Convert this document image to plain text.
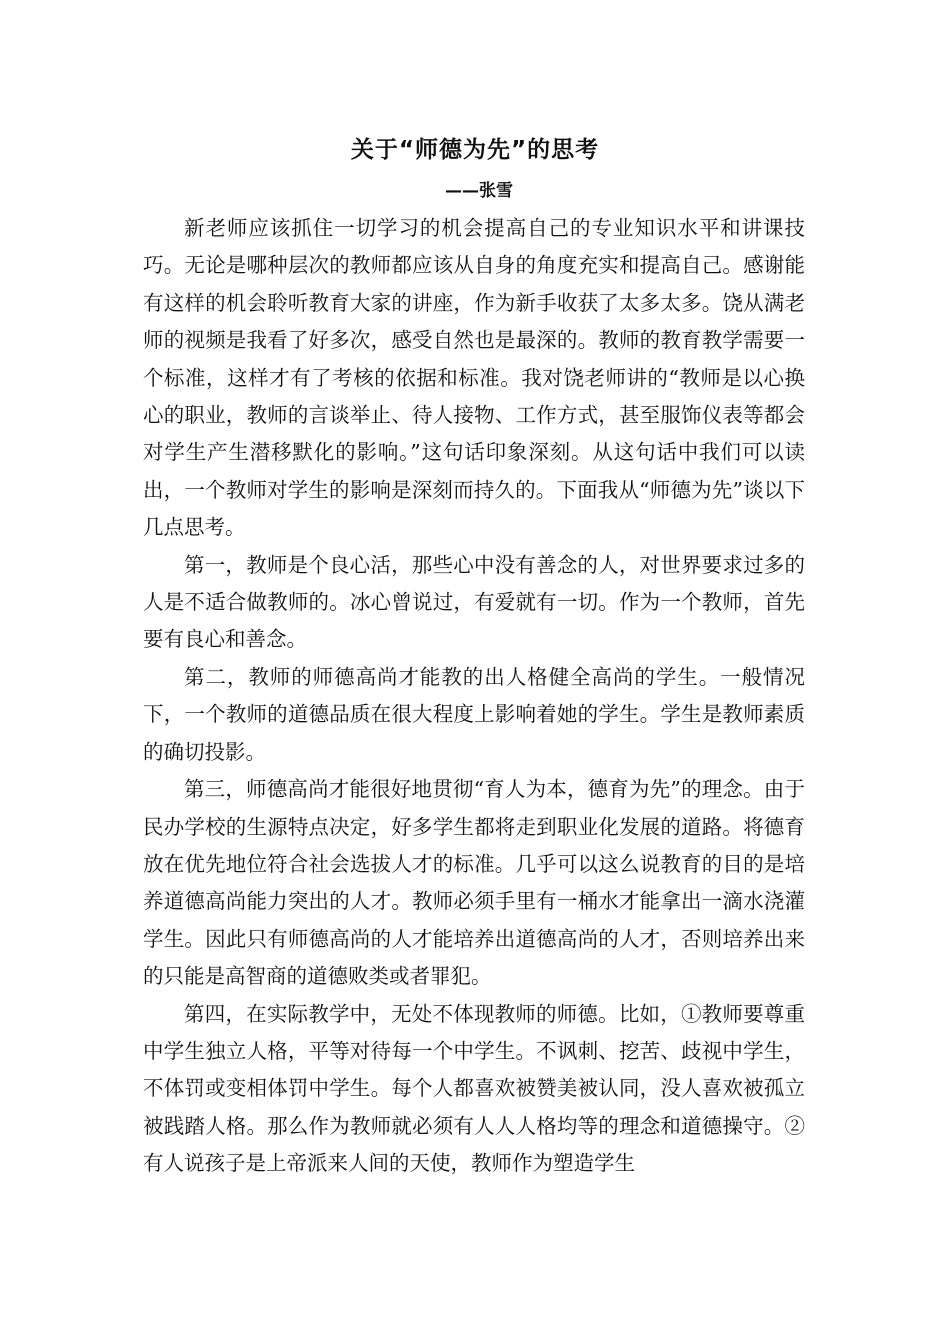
关于“师德为先”的思考
——张雪

新老师应该抓住一切学习的机会提高自己的专业知识水平和讲课技巧。无论是哪种层次的教师都应该从自身的角度充实和提高自己。感谢能有这样的机会聆听教育大家的讲座，作为新手收获了太多太多。饶从满老师的视频是我看了好多次，感受自然也是最深的。教师的教育教学需要一个标准，这样才有了考核的依据和标准。我对饶老师讲的“教师是以心换心的职业，教师的言谈举止、待人接物、工作方式，甚至服饰仪表等都会对学生产生潜移默化的影响。”这句话印象深刻。从这句话中我们可以读出，一个教师对学生的影响是深刻而持久的。下面我从“师德为先”谈以下几点思考。

第一，教师是个良心活，那些心中没有善念的人，对世界要求过多的人是不适合做教师的。冰心曾说过，有爱就有一切。作为一个教师，首先要有良心和善念。

第二，教师的师德高尚才能教的出人格健全高尚的学生。一般情况下，一个教师的道德品质在很大程度上影响着她的学生。学生是教师素质的确切投影。

第三，师德高尚才能很好地贯彻“育人为本，德育为先”的理念。由于民办学校的生源特点决定，好多学生都将走到职业化发展的道路。将德育放在优先地位符合社会选拔人才的标准。几乎可以这么说教育的目的是培养道德高尚能力突出的人才。教师必须手里有一桶水才能拿出一滴水浇灌学生。因此只有师德高尚的人才能培养出道德高尚的人才，否则培养出来的只能是高智商的道德败类或者罪犯。

第四，在实际教学中，无处不体现教师的师德。比如，①教师要尊重中学生独立人格，平等对待每一个中学生。不讽刺、挖苦、歧视中学生，不体罚或变相体罚中学生。每个人都喜欢被赞美被认同，没人喜欢被孤立被践踏人格。那么作为教师就必须有人人人格均等的理念和道德操守。②有人说孩子是上帝派来人间的天使，教师作为塑造学生
